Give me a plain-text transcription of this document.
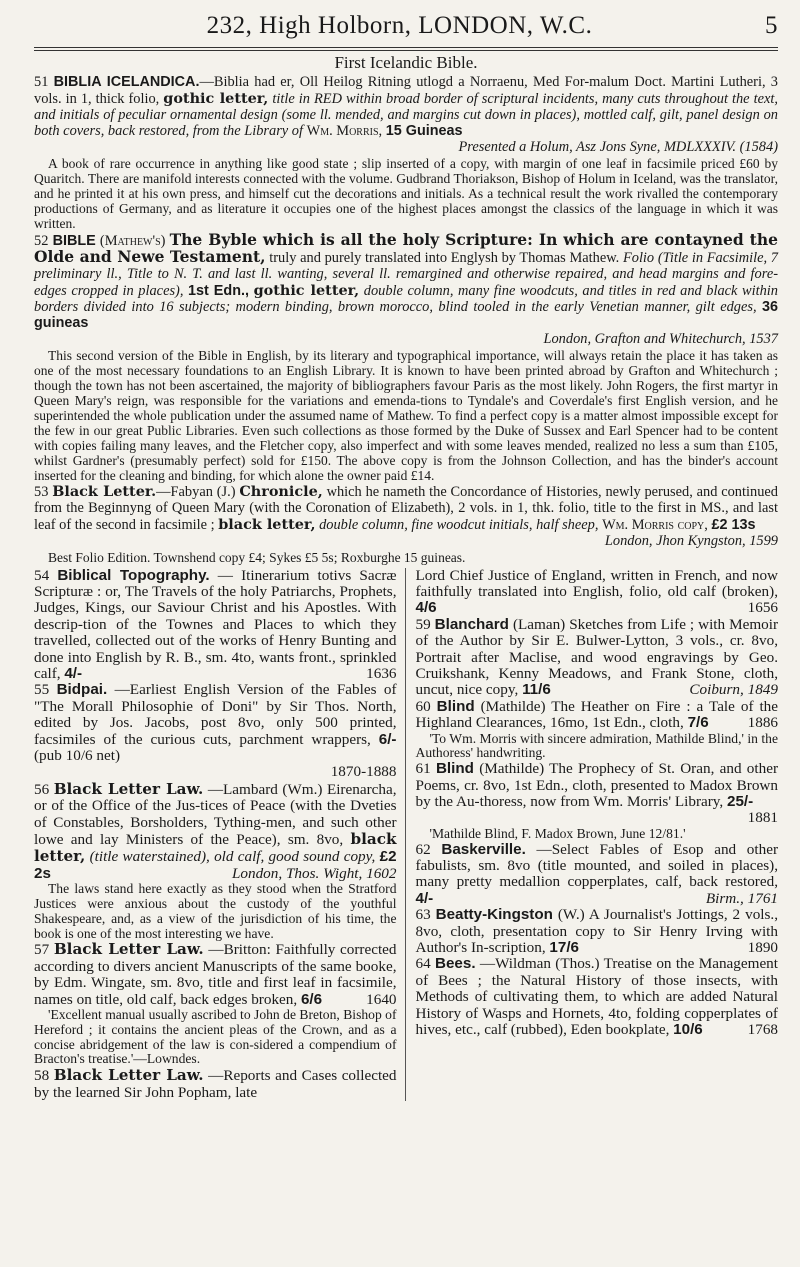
232, High Holborn, LONDON, W.C.	5
First Icelandic Bible.

51 BIBLIA ICELANDICA.—Biblia had er, Oll Heilog Ritning utlogd a Norraenu, Med For-malum Doct. Martini Lutheri, 3 vols. in 1, thick folio, gothic letter, title in RED within broad border of scriptural incidents, many cuts throughout the text, and initials of peculiar ornamental design (some ll. mended, and margins cut down in places), mottled calf, gilt, panel design on both covers, back restored, from the Library of Wm. Morris, 15 Guineas
Presented a Holum, Asz Jons Syne, MDLXXXIV. (1584)

A book of rare occurrence in anything like good state ; slip inserted of a copy, with margin of one leaf in facsimile priced £60 by Quaritch. There are manifold interests connected with the volume. Gudbrand Thoriakson, Bishop of Holum in Iceland, was the translator, and he printed it at his own press, and himself cut the decorations and initials. As a technical result the work rivalled the contemporary productions of Germany, and as literature it occupies one of the highest places amongst the classics of the language in which it was written.

52 BIBLE (Mathew's) The Byble which is all the holy Scripture: In which are contayned the Olde and Newe Testament, truly and purely translated into Englysh by Thomas Mathew. Folio (Title in Facsimile, 7 preliminary ll., Title to N. T. and last ll. wanting, several ll. remargined and otherwise repaired, and head margins and fore-edges cropped in places), 1st Edn., gothic letter, double column, many fine woodcuts, and titles in red and black within borders divided into 16 subjects; modern binding, brown morocco, blind tooled in the early Venetian manner, gilt edges, 36 guineas
London, Grafton and Whitechurch, 1537

This second version of the Bible in English, by its literary and typographical importance, will always retain the place it has taken as one of the most necessary foundations to an English Library. It is known to have been printed abroad by Grafton and Whitechurch ; though the town has not been ascertained, the majority of bibliographers favour Paris as the most likely. John Rogers, the first martyr in Queen Mary's reign, was responsible for the variations and emenda-tions to Tyndale's and Coverdale's first English version, and he superintended the whole publication under the assumed name of Mathew. To find a perfect copy is a matter almost impossible except for the few in our great Public Libraries. Even such collections as those formed by the Duke of Sussex and Earl Spencer had to be content with copies failing many leaves, and the Fletcher copy, also imperfect and with some leaves mended, realized no less a sum than £105, whilst Gardner's (presumably perfect) sold for £150. The above copy is from the Johnson Collection, and has the binder's account inserted for the cleaning and binding, for which alone the owner paid £14.

53 Black Letter.—Fabyan (J.) Chronicle, which he nameth the Concordance of Histories, newly perused, and continued from the Beginnyng of Queen Mary (with the Coronation of Elizabeth), 2 vols. in 1, thk. folio, title to the first in MS., and last leaf of the second in facsimile ; black letter, double column, fine woodcut initials, half sheep, Wm. Morris copy, £2 13s
London, Jhon Kyngston, 1599

Best Folio Edition. Townshend copy £4; Sykes £5 5s; Roxburghe 15 guineas.

54 Biblical Topography. — Itinerarium totivs Sacræ Scripturæ : or, The Travels of the holy Patriarchs, Prophets, Judges, Kings, our Saviour Christ and his Apostles. With descrip-tion of the Townes and Places to which they travelled, collected out of the works of Henry Bunting and done into English by R. B., sm. 4to, wants front., sprinkled calf, 4/-	1636

55 Bidpai. —Earliest English Version of the Fables of "The Morall Philosophie of Doni" by Sir Thos. North, edited by Jos. Jacobs, post 8vo, only 500 printed, facsimiles of the curious cuts, parchment wrappers, 6/- (pub 10/6 net)
1870-1888

56 Black Letter Law. —Lambard (Wm.) Eirenarcha, or of the Office of the Jus-tices of Peace (with the Dveties of Constables, Borsholders, Tything-men, and such other lowe and lay Ministers of the Peace), sm. 8vo, black letter, (title waterstained), old calf, good sound copy, £2 2s	London, Thos. Wight, 1602

The laws stand here exactly as they stood when the Stratford Justices were anxious about the custody of the youthful Shakespeare, and, as a view of the jurisdiction of his time, the book is one of the most interesting we have.

57 Black Letter Law. —Britton: Faithfully corrected according to divers ancient Manuscripts of the same booke, by Edm. Wingate, sm. 8vo, title and first leaf in facsimile, names on title, old calf, back edges broken, 6/6	1640

'Excellent manual usually ascribed to John de Breton, Bishop of Hereford ; it contains the ancient pleas of the Crown, and as a concise abridgement of the law is con-sidered a compendium of Bracton's treatise.'—Lowndes.

58 Black Letter Law. —Reports and Cases collected by the learned Sir John Popham, late

Lord Chief Justice of England, written in French, and now faithfully translated into English, folio, old calf (broken), 4/6	1656

59 Blanchard (Laman) Sketches from Life ; with Memoir of the Author by Sir E. Bulwer-Lytton, 3 vols., cr. 8vo, Portrait after Maclise, and wood engravings by Geo. Cruikshank, Kenny Meadows, and Frank Stone, cloth, uncut, nice copy, 11/6	Coiburn, 1849

60 Blind (Mathilde) The Heather on Fire : a Tale of the Highland Clearances, 16mo, 1st Edn., cloth, 7/6	1886

'To Wm. Morris with sincere admiration, Mathilde Blind,' in the Authoress' handwriting.

61 Blind (Mathilde) The Prophecy of St. Oran, and other Poems, cr. 8vo, 1st Edn., cloth, presented to Madox Brown by the Au-thoress, now from Wm. Morris' Library, 25/-
1881

'Mathilde Blind, F. Madox Brown, June 12/81.'

62 Baskerville. —Select Fables of Esop and other fabulists, sm. 8vo (title mounted, and soiled in places), many pretty medallion copperplates, calf, back restored, 4/-	Birm., 1761

63 Beatty-Kingston (W.) A Journalist's Jottings, 2 vols., 8vo, cloth, presentation copy to Sir Henry Irving with Author's In-scription, 17/6	1890

64 Bees. —Wildman (Thos.) Treatise on the Management of Bees ; the Natural History of those insects, with Methods of cultivating them, to which are added Natural History of Wasps and Hornets, 4to, folding copperplates of hives, etc., calf (rubbed), Eden bookplate, 10/6	1768
